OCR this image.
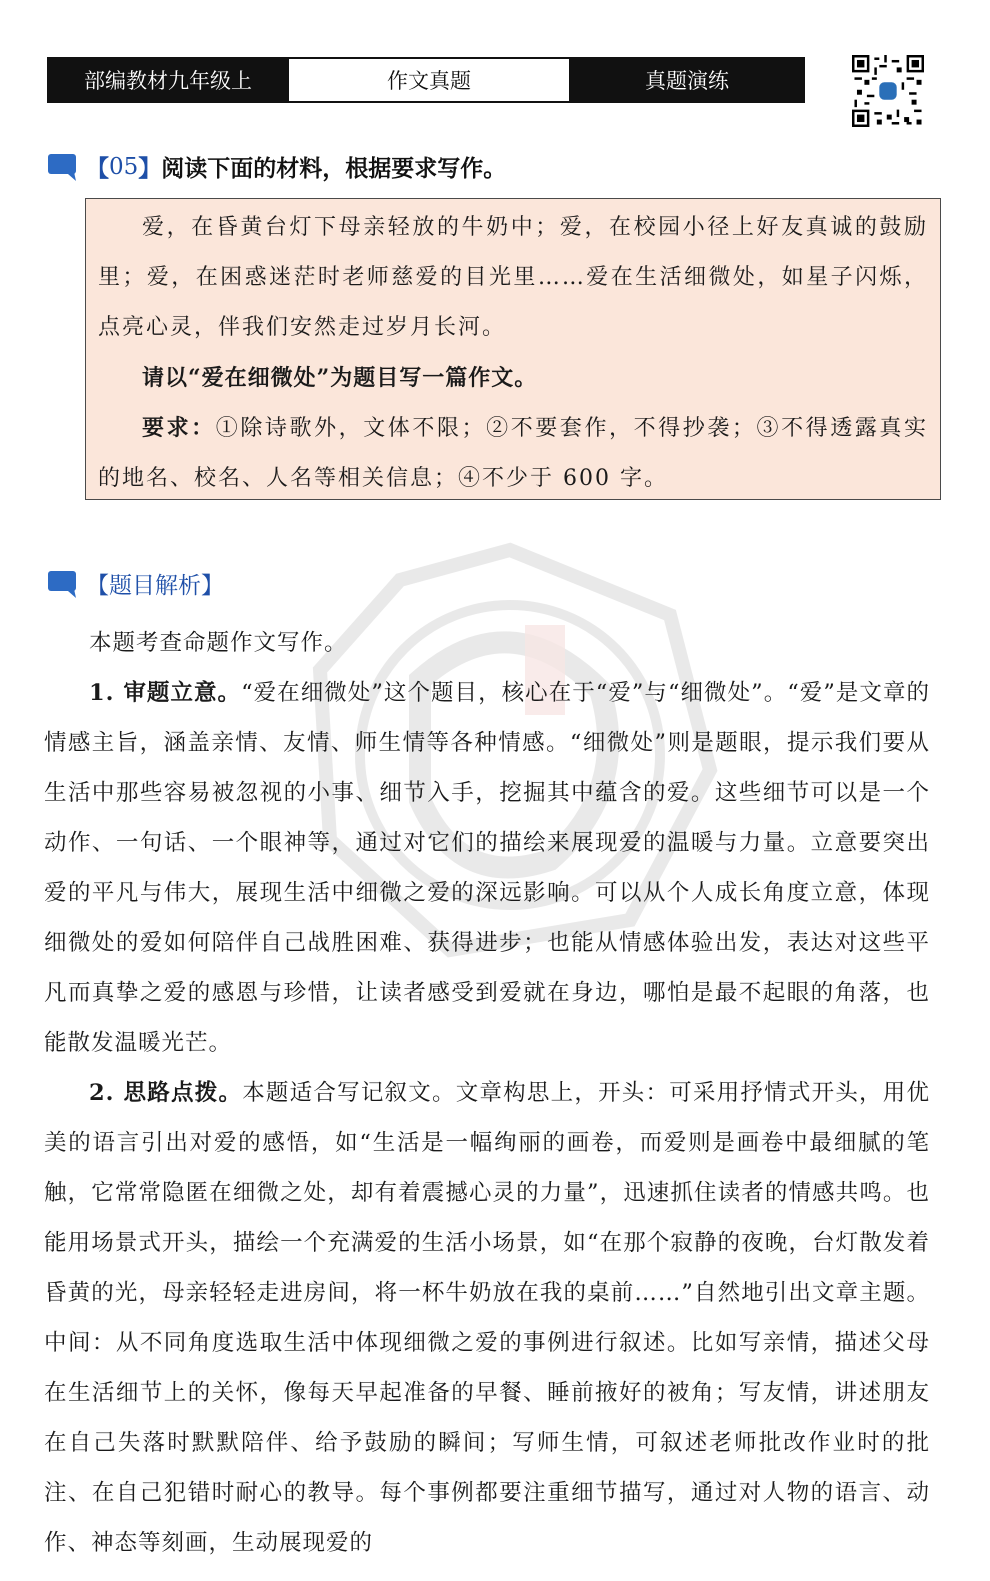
部编教材九年级上	作文真题	真题演练
【 05 】 阅读下面的材料，根据要求写作。

爱，在昏黄台灯下母亲轻放的牛奶中；爱，在校园小径上好友真诚的鼓励里；爱，在困惑迷茫时老师慈爱的目光里……爱在生活细微处，如星子闪烁，点亮心灵，伴我们安然走过岁月长河。

请以“爱在细微处”为题目写一篇作文。

要求：①除诗歌外，文体不限；②不要套作，不得抄袭；③不得透露真实的地名、校名、人名等相关信息；④不少于 600 字。

【题目解析】

本题考查命题作文写作。

1. 审题立意。“爱在细微处”这个题目，核心在于“爱”与“细微处”。“爱”是文章的情感主旨，涵盖亲情、友情、师生情等各种情感。“细微处”则是题眼，提示我们要从生活中那些容易被忽视的小事、细节入手，挖掘其中蕴含的爱。这些细节可以是一个动作、一句话、一个眼神等，通过对它们的描绘来展现爱的温暖与力量。立意要突出爱的平凡与伟大，展现生活中细微之爱的深远影响。可以从个人成长角度立意，体现细微处的爱如何陪伴自己战胜困难、获得进步；也能从情感体验出发，表达对这些平凡而真挚之爱的感恩与珍惜，让读者感受到爱就在身边，哪怕是最不起眼的角落，也能散发温暖光芒。

2. 思路点拨。本题适合写记叙文。文章构思上，开头：可采用抒情式开头，用优美的语言引出对爱的感悟，如“生活是一幅绚丽的画卷，而爱则是画卷中最细腻的笔触，它常常隐匿在细微之处，却有着震撼心灵的力量”，迅速抓住读者的情感共鸣。也能用场景式开头，描绘一个充满爱的生活小场景，如“在那个寂静的夜晚，台灯散发着昏黄的光，母亲轻轻走进房间，将一杯牛奶放在我的桌前……”自然地引出文章主题。中间：从不同角度选取生活中体现细微之爱的事例进行叙述。比如写亲情，描述父母在生活细节上的关怀，像每天早起准备的早餐、睡前掖好的被角；写友情，讲述朋友在自己失落时默默陪伴、给予鼓励的瞬间；写师生情，可叙述老师批改作业时的批注、在自己犯错时耐心的教导。每个事例都要注重细节描写，通过对人物的语言、动作、神态等刻画，生动展现爱的
